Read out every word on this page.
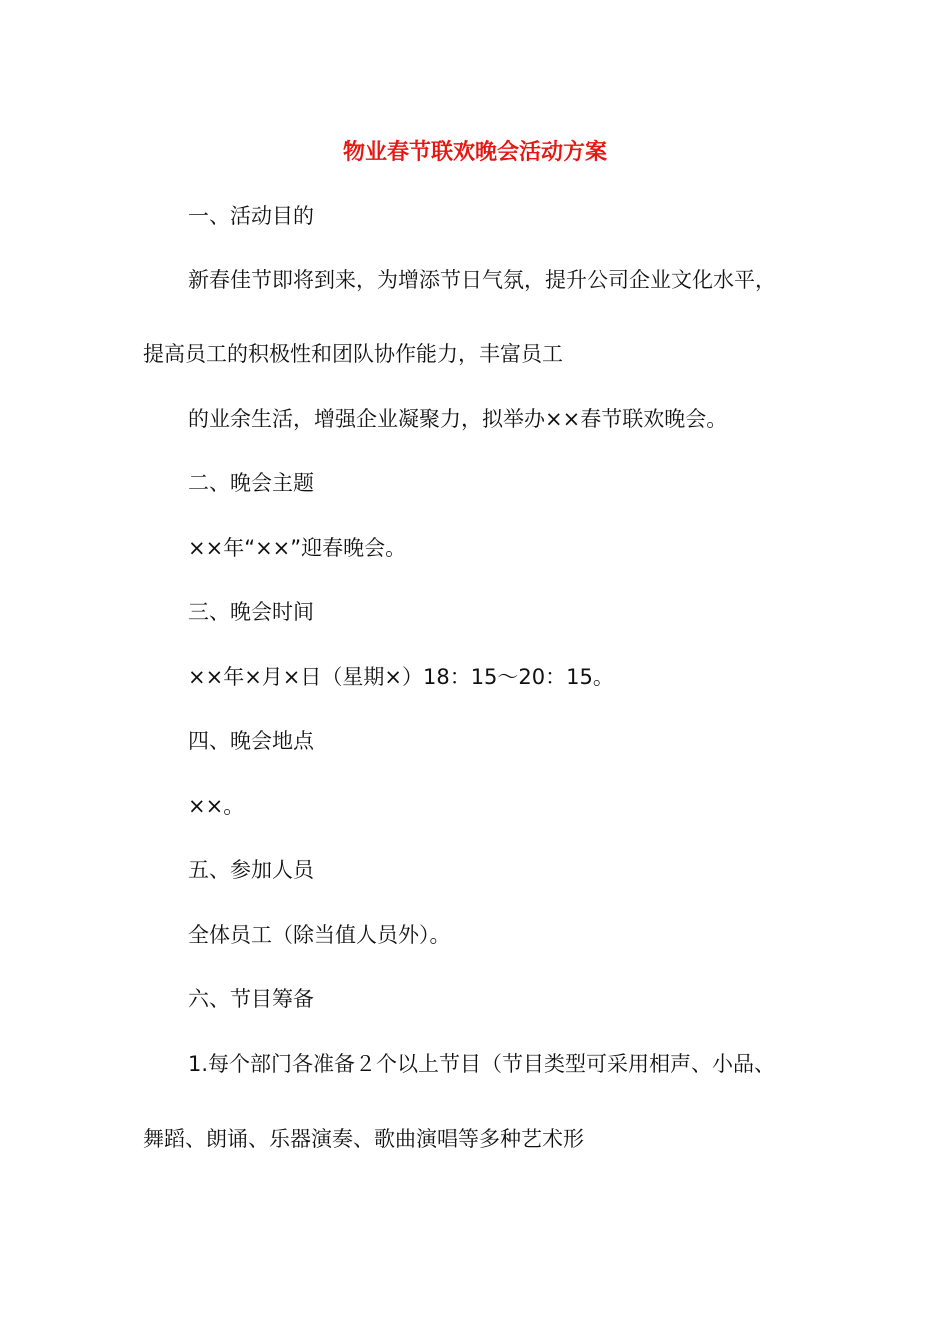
物业春节联欢晚会活动方案
一、活动目的
新春佳节即将到来，为增添节日气氛，提升公司企业文化水平，
提高员工的积极性和团队协作能力，丰富员工
的业余生活，增强企业凝聚力，拟举办××春节联欢晚会。
二、晚会主题
××年“××”迎春晚会。
三、晚会时间
××年×月×日（星期×）18：15～20：15。
四、晚会地点
××。
五、参加人员
全体员工（除当值人员外）。
六、节目筹备
1.每个部门各准备２个以上节目（节目类型可采用相声、小品、
舞蹈、朗诵、乐器演奏、歌曲演唱等多种艺术形
